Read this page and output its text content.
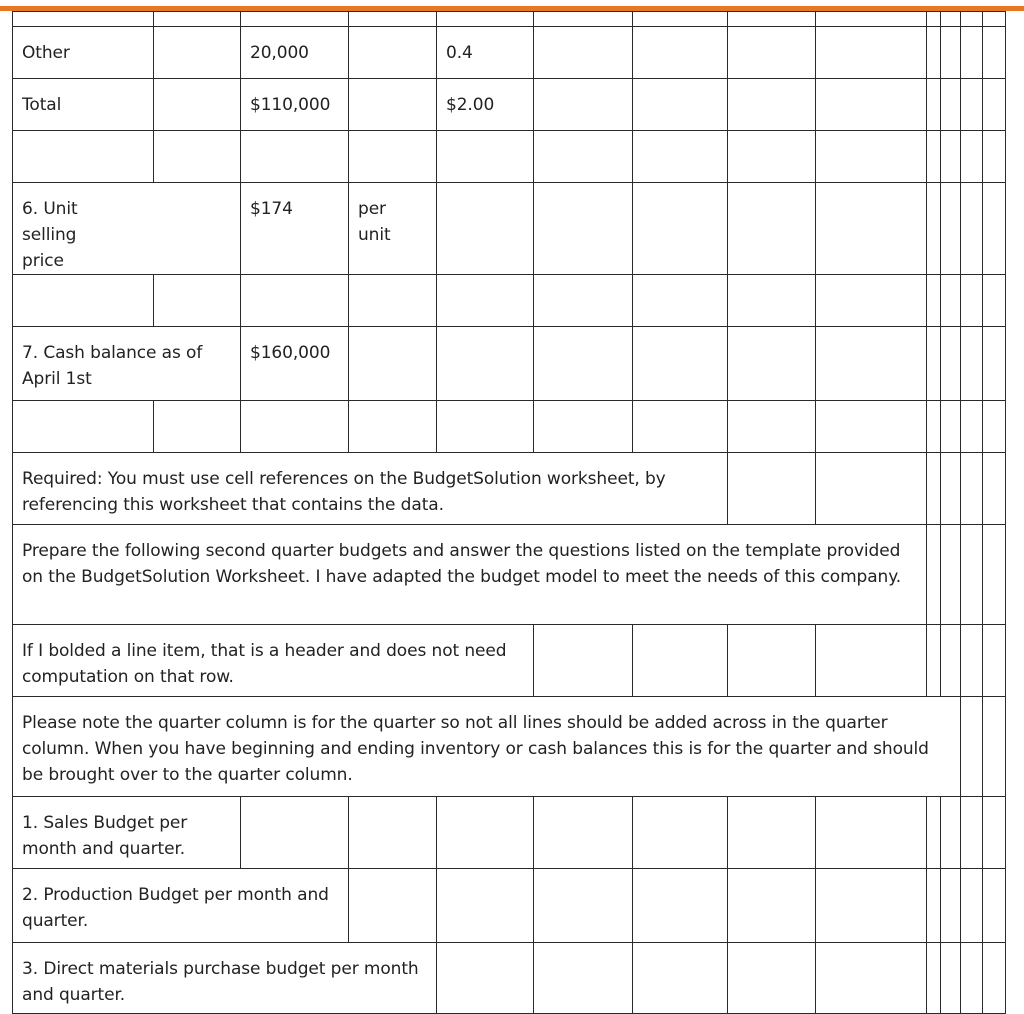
Other		20,000		0.4								

Total		$110,000		$2.00								

6. Unit selling price		$174	per unit									

7. Cash balance as of April 1st		$160,000										

Required: You must use cell references on the BudgetSolution worksheet, by referencing this worksheet that contains the data.												

Prepare the following second quarter budgets and answer the questions listed on the template provided on the BudgetSolution Worksheet. I have adapted the budget model to meet the needs of this company.												

If I bolded a line item, that is a header and does not need computation on that row.												

Please note the quarter column is for the quarter so not all lines should be added across in the quarter column. When you have beginning and ending inventory or cash balances this is for the quarter and should be brought over to the quarter column.												

1. Sales Budget per month and quarter.												

2. Production Budget per month and quarter.												

3. Direct materials purchase budget per month and quarter.												
